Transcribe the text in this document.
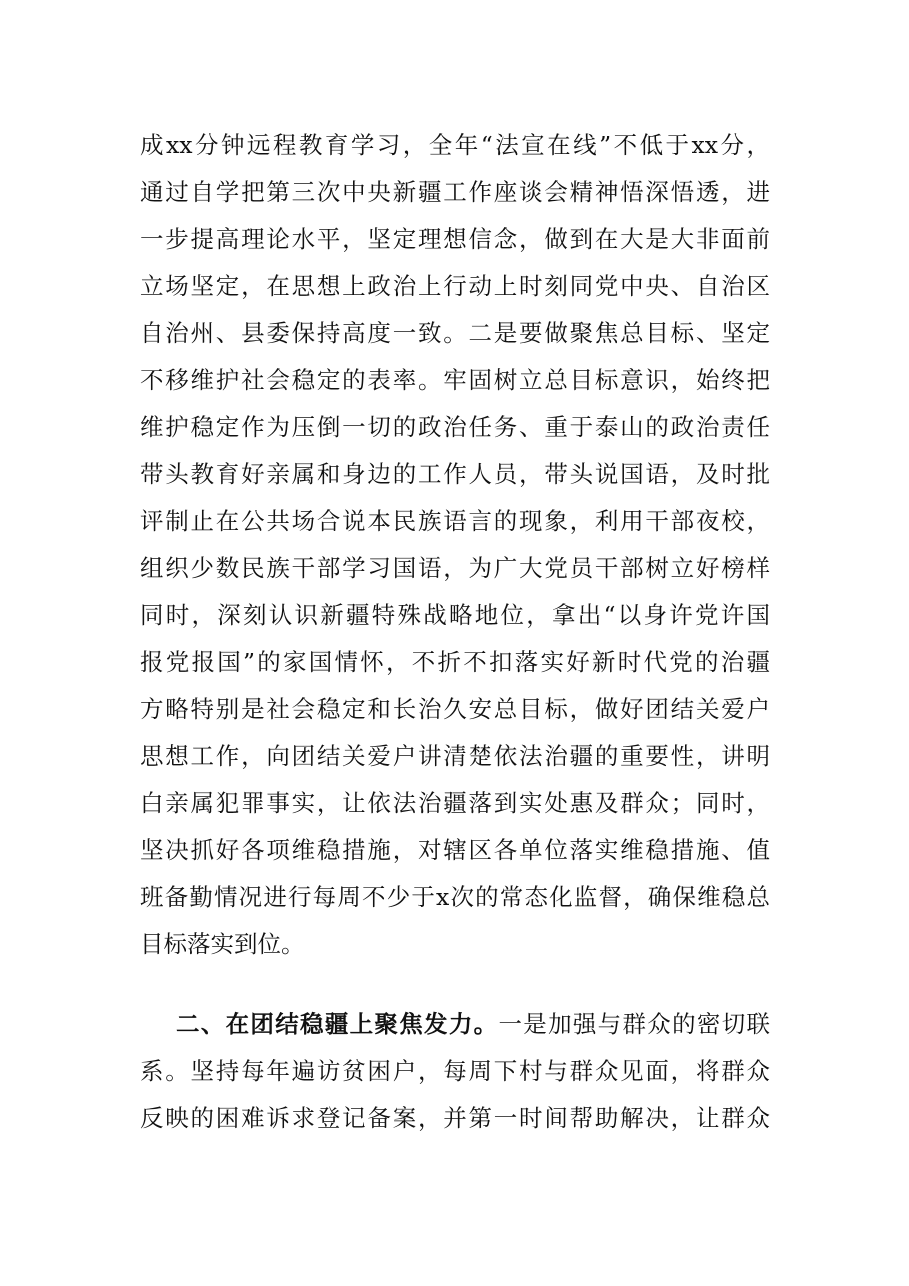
成xx分钟远程教育学习，全年“法宣在线”不低于xx分，
通过自学把第三次中央新疆工作座谈会精神悟深悟透，进
一步提高理论水平，坚定理想信念，做到在大是大非面前
立场坚定，在思想上政治上行动上时刻同党中央、自治区
自治州、县委保持高度一致。二是要做聚焦总目标、坚定
不移维护社会稳定的表率。牢固树立总目标意识，始终把
维护稳定作为压倒一切的政治任务、重于泰山的政治责任
带头教育好亲属和身边的工作人员，带头说国语，及时批
评制止在公共场合说本民族语言的现象，利用干部夜校，
组织少数民族干部学习国语，为广大党员干部树立好榜样
同时，深刻认识新疆特殊战略地位，拿出“以身许党许国
报党报国”的家国情怀，不折不扣落实好新时代党的治疆
方略特别是社会稳定和长治久安总目标，做好团结关爱户
思想工作，向团结关爱户讲清楚依法治疆的重要性，讲明
白亲属犯罪事实，让依法治疆落到实处惠及群众；同时，
坚决抓好各项维稳措施，对辖区各单位落实维稳措施、值
班备勤情况进行每周不少于x次的常态化监督，确保维稳总
目标落实到位。
二、在团结稳疆上聚焦发力。一是加强与群众的密切联
系。坚持每年遍访贫困户，每周下村与群众见面，将群众
反映的困难诉求登记备案，并第一时间帮助解决，让群众
